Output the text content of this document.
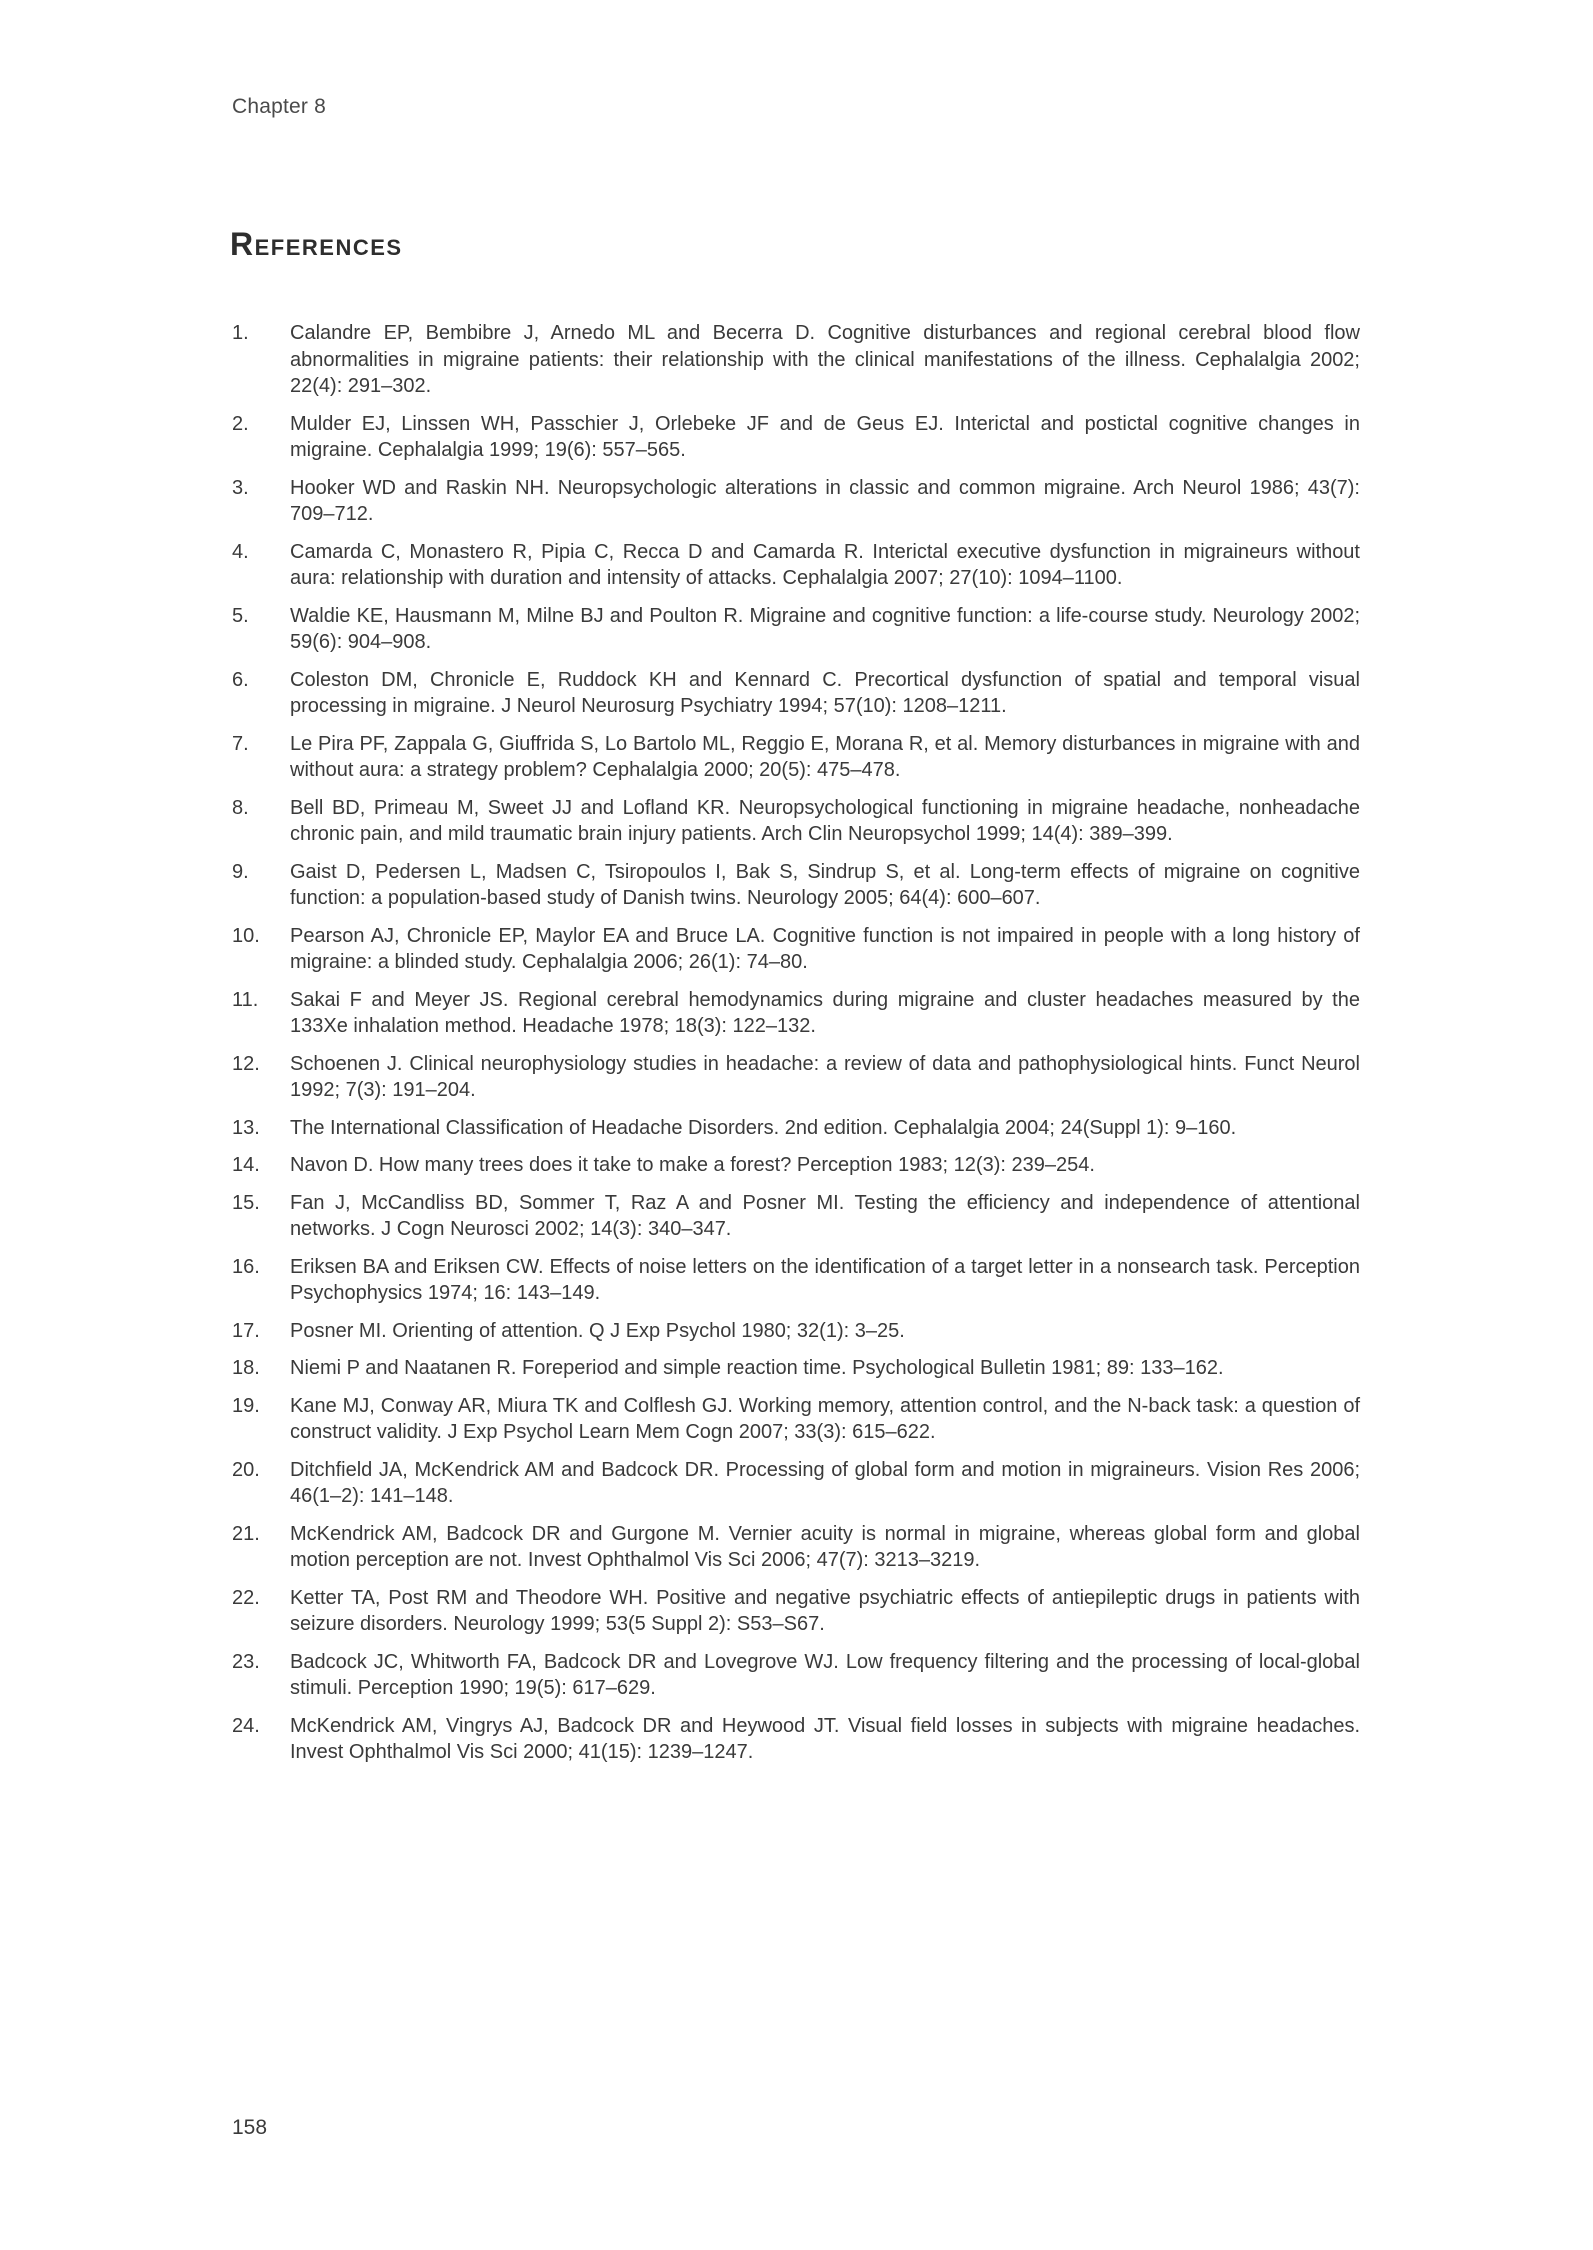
Chapter 8
References
1. Calandre EP, Bembibre J, Arnedo ML and Becerra D. Cognitive disturbances and regional cerebral blood flow abnormalities in migraine patients: their relationship with the clinical manifestations of the illness. Cephalalgia 2002; 22(4): 291–302.
2. Mulder EJ, Linssen WH, Passchier J, Orlebeke JF and de Geus EJ. Interictal and postictal cognitive changes in migraine. Cephalalgia 1999; 19(6): 557–565.
3. Hooker WD and Raskin NH. Neuropsychologic alterations in classic and common migraine. Arch Neurol 1986; 43(7): 709–712.
4. Camarda C, Monastero R, Pipia C, Recca D and Camarda R. Interictal executive dysfunction in migraineurs without aura: relationship with duration and intensity of attacks. Cephalalgia 2007; 27(10): 1094–1100.
5. Waldie KE, Hausmann M, Milne BJ and Poulton R. Migraine and cognitive function: a life-course study. Neurology 2002; 59(6): 904–908.
6. Coleston DM, Chronicle E, Ruddock KH and Kennard C. Precortical dysfunction of spatial and temporal visual processing in migraine. J Neurol Neurosurg Psychiatry 1994; 57(10): 1208–1211.
7. Le Pira PF, Zappala G, Giuffrida S, Lo Bartolo ML, Reggio E, Morana R, et al. Memory disturbances in migraine with and without aura: a strategy problem? Cephalalgia 2000; 20(5): 475–478.
8. Bell BD, Primeau M, Sweet JJ and Lofland KR. Neuropsychological functioning in migraine headache, nonheadache chronic pain, and mild traumatic brain injury patients. Arch Clin Neuropsychol 1999; 14(4): 389–399.
9. Gaist D, Pedersen L, Madsen C, Tsiropoulos I, Bak S, Sindrup S, et al. Long-term effects of migraine on cognitive function: a population-based study of Danish twins. Neurology 2005; 64(4): 600–607.
10. Pearson AJ, Chronicle EP, Maylor EA and Bruce LA. Cognitive function is not impaired in people with a long history of migraine: a blinded study. Cephalalgia 2006; 26(1): 74–80.
11. Sakai F and Meyer JS. Regional cerebral hemodynamics during migraine and cluster headaches measured by the 133Xe inhalation method. Headache 1978; 18(3): 122–132.
12. Schoenen J. Clinical neurophysiology studies in headache: a review of data and pathophysiological hints. Funct Neurol 1992; 7(3): 191–204.
13. The International Classification of Headache Disorders. 2nd edition. Cephalalgia 2004; 24(Suppl 1): 9–160.
14. Navon D. How many trees does it take to make a forest? Perception 1983; 12(3): 239–254.
15. Fan J, McCandliss BD, Sommer T, Raz A and Posner MI. Testing the efficiency and independence of attentional networks. J Cogn Neurosci 2002; 14(3): 340–347.
16. Eriksen BA and Eriksen CW. Effects of noise letters on the identification of a target letter in a nonsearch task. Perception Psychophysics 1974; 16: 143–149.
17. Posner MI. Orienting of attention. Q J Exp Psychol 1980; 32(1): 3–25.
18. Niemi P and Naatanen R. Foreperiod and simple reaction time. Psychological Bulletin 1981; 89: 133–162.
19. Kane MJ, Conway AR, Miura TK and Colflesh GJ. Working memory, attention control, and the N-back task: a question of construct validity. J Exp Psychol Learn Mem Cogn 2007; 33(3): 615–622.
20. Ditchfield JA, McKendrick AM and Badcock DR. Processing of global form and motion in migraineurs. Vision Res 2006; 46(1–2): 141–148.
21. McKendrick AM, Badcock DR and Gurgone M. Vernier acuity is normal in migraine, whereas global form and global motion perception are not. Invest Ophthalmol Vis Sci 2006; 47(7): 3213–3219.
22. Ketter TA, Post RM and Theodore WH. Positive and negative psychiatric effects of antiepileptic drugs in patients with seizure disorders. Neurology 1999; 53(5 Suppl 2): S53–S67.
23. Badcock JC, Whitworth FA, Badcock DR and Lovegrove WJ. Low frequency filtering and the processing of local-global stimuli. Perception 1990; 19(5): 617–629.
24. McKendrick AM, Vingrys AJ, Badcock DR and Heywood JT. Visual field losses in subjects with migraine headaches. Invest Ophthalmol Vis Sci 2000; 41(15): 1239–1247.
158
